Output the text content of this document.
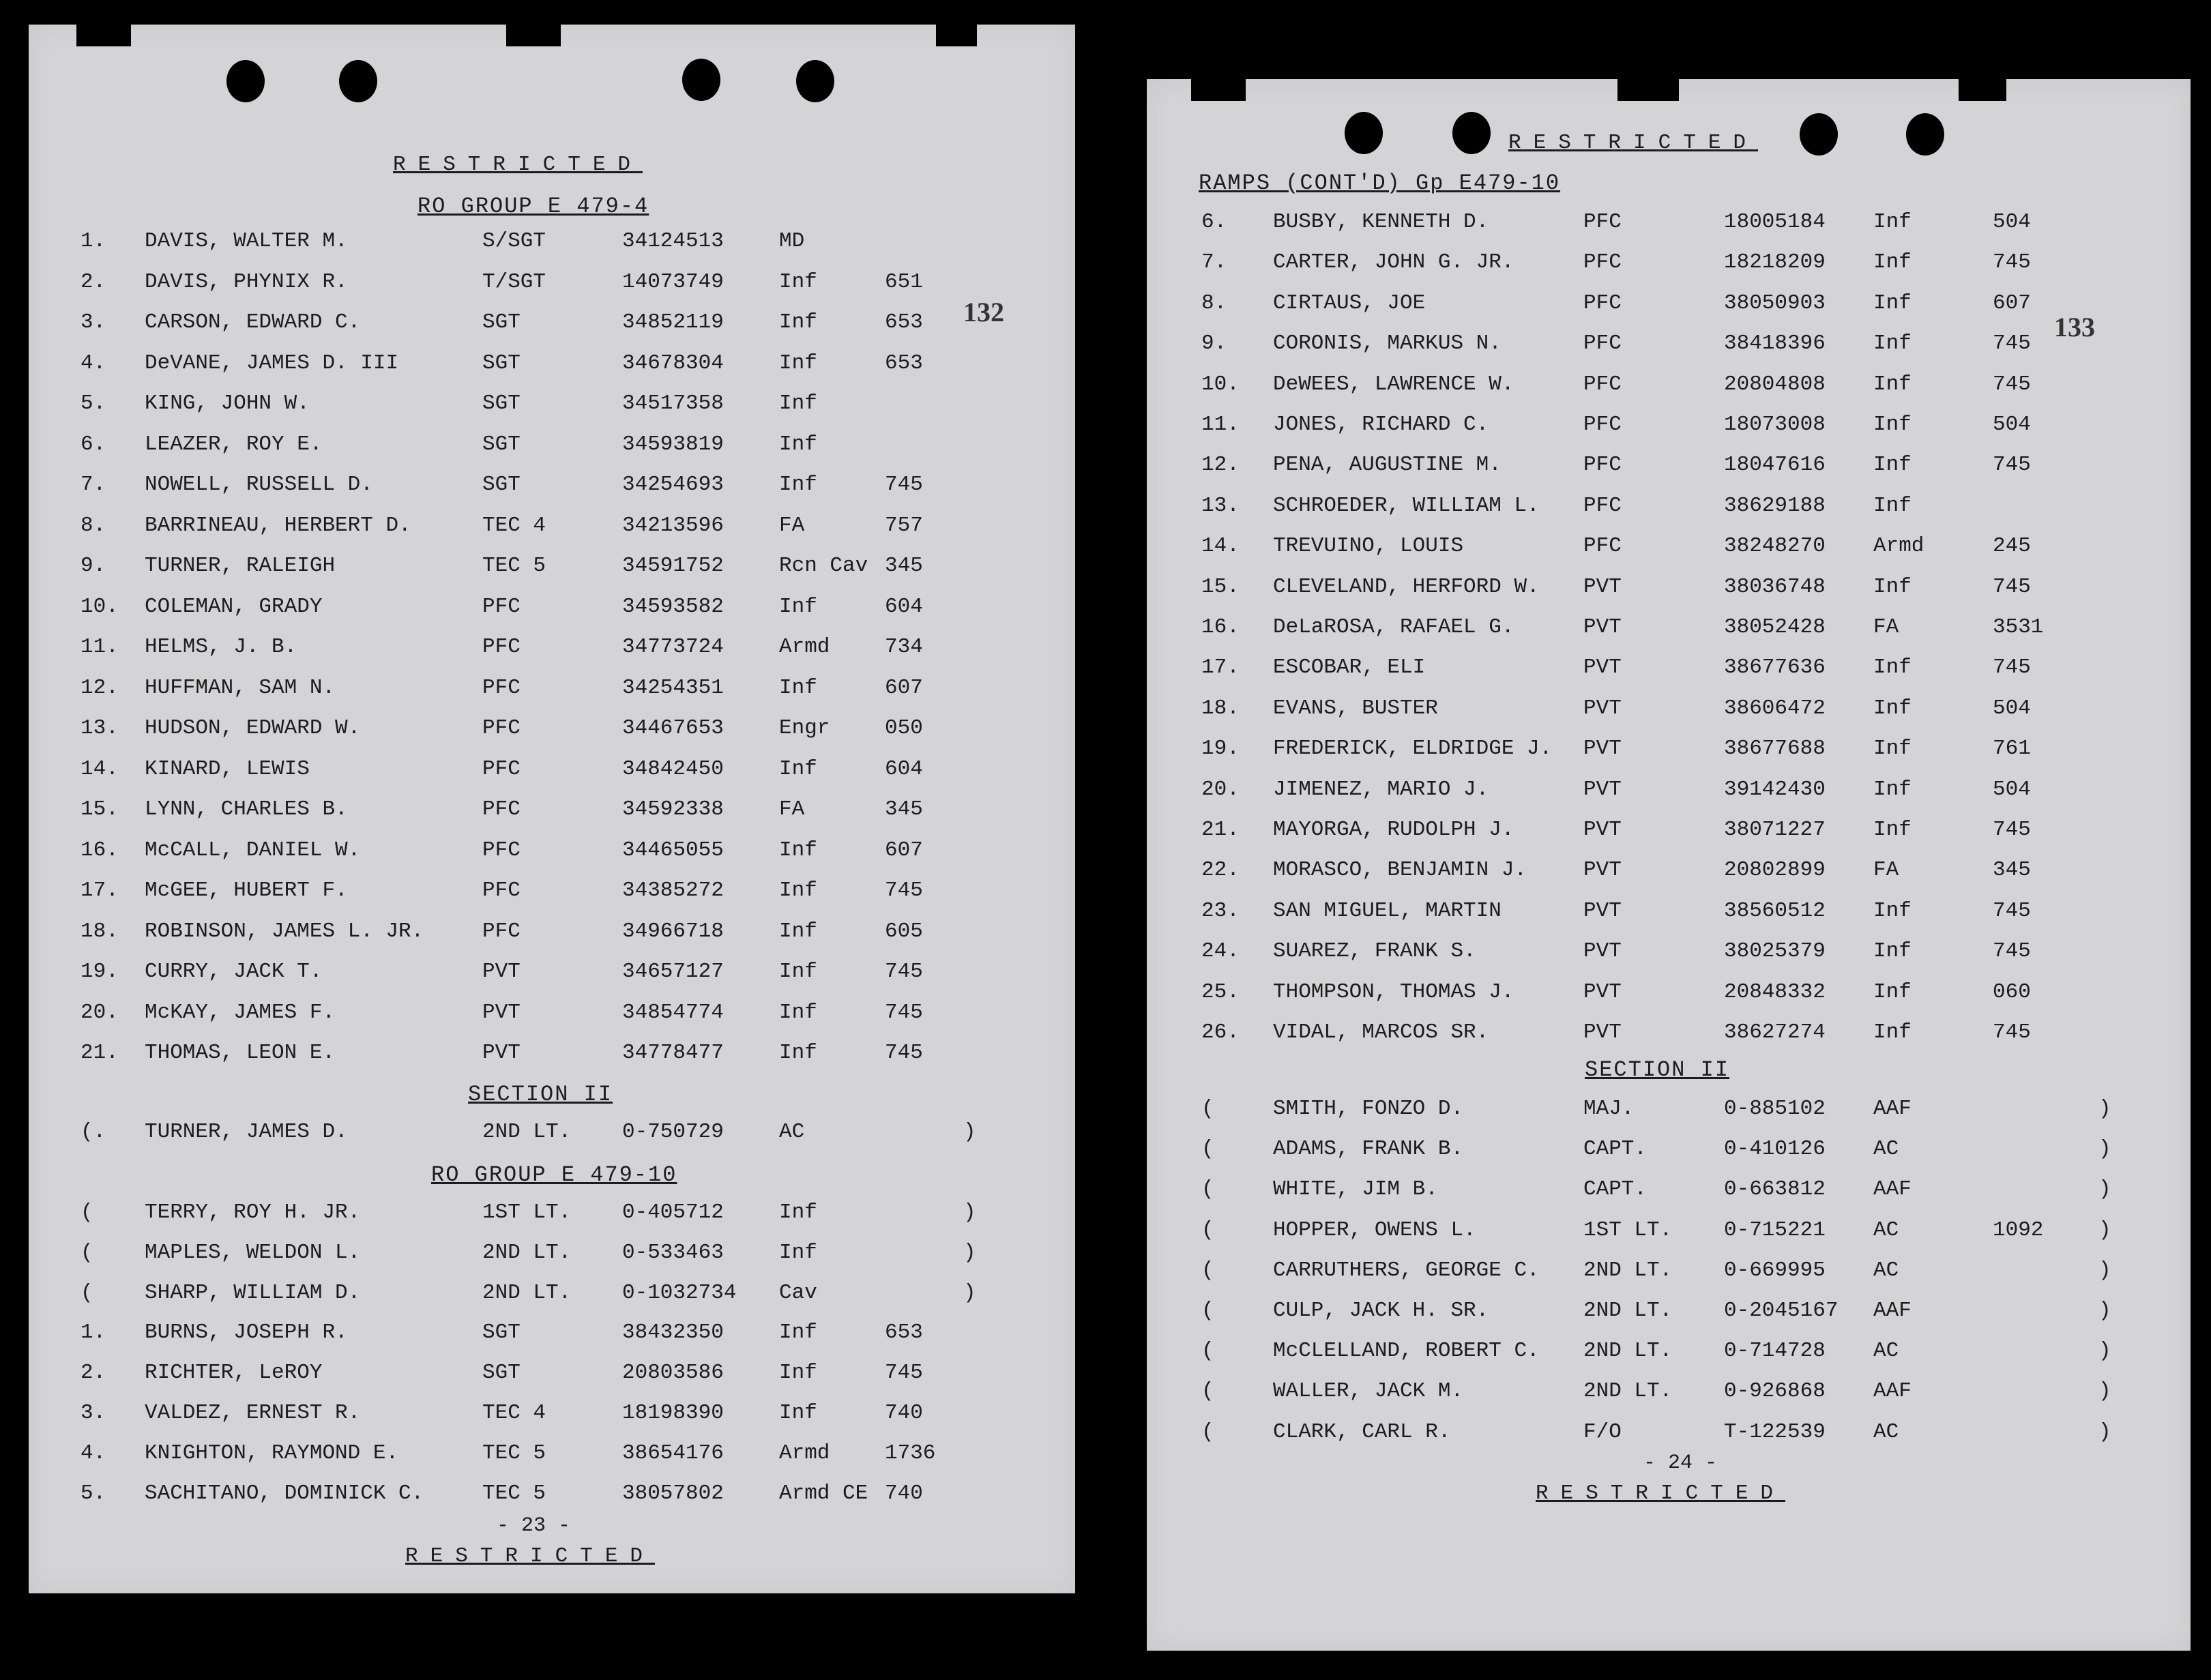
RESTRICTED
RO GROUP E 479-4
132
1. DAVIS, WALTER M.	S/SGT	34124513	MD
2. DAVIS, PHYNIX R.	T/SGT	14073749	Inf	651
3. CARSON, EDWARD C.	SGT	34852119	Inf	653
4. DeVANE, JAMES D. III	SGT	34678304	Inf	653
5. KING, JOHN W.	SGT	34517358	Inf
6. LEAZER, ROY E.	SGT	34593819	Inf
7. NOWELL, RUSSELL D.	SGT	34254693	Inf	745
8. BARRINEAU, HERBERT D.	TEC 4	34213596	FA	757
9. TURNER, RALEIGH	TEC 5	34591752	Rcn Cav 345
10. COLEMAN, GRADY	PFC	34593582	Inf	604
11. HELMS, J. B.	PFC	34773724	Armd	734
12. HUFFMAN, SAM N.	PFC	34254351	Inf	607
13. HUDSON, EDWARD W.	PFC	34467653	Engr	050
14. KINARD, LEWIS	PFC	34842450	Inf	604
15. LYNN, CHARLES B.	PFC	34592338	FA	345
16. McCALL, DANIEL W.	PFC	34465055	Inf	607
17. McGEE, HUBERT F.	PFC	34385272	Inf	745
18. ROBINSON, JAMES L. JR.	PFC	34966718	Inf	605
19. CURRY, JACK T.	PVT	34657127	Inf	745
20. McKAY, JAMES F.	PVT	34854774	Inf	745
21. THOMAS, LEON E.	PVT	34778477	Inf	745
SECTION II
(. TURNER, JAMES D.	2ND LT. 0-750729	AC	)
RO GROUP E 479-10
( TERRY, ROY H. JR.	1ST LT. 0-405712	Inf	)
( MAPLES, WELDON L.	2ND LT. 0-533463	Inf	)
( SHARP, WILLIAM D.	2ND LT. 0-1032734 Cav	)
1. BURNS, JOSEPH R.	SGT	38432350	Inf	653
2. RICHTER, LeROY	SGT	20803586	Inf	745
3. VALDEZ, ERNEST R.	TEC 4	18198390	Inf	740
4. KNIGHTON, RAYMOND E.	TEC 5	38654176	Armd	1736
5. SACHITANO, DOMINICK C.	TEC 5	38057802	Armd CE 740
- 23 -
RESTRICTED
RESTRICTED
RAMPS (CONT'D) Gp E479-10
133
6. BUSBY, KENNETH D.	PFC	18005184 Inf	504
7. CARTER, JOHN G. JR.	PFC	18218209 Inf	745
8. CIRTAUS, JOE	PFC	38050903 Inf	607
9. CORONIS, MARKUS N.	PFC	38418396 Inf	745
10. DeWEES, LAWRENCE W.	PFC	20804808 Inf	745
11. JONES, RICHARD C.	PFC	18073008 Inf	504
12. PENA, AUGUSTINE M.	PFC	18047616 Inf	745
13. SCHROEDER, WILLIAM L. PFC	38629188 Inf
14. TREVUINO, LOUIS	PFC	38248270 Armd	245
15. CLEVELAND, HERFORD W. PVT	38036748 Inf	745
16. DeLaROSA, RAFAEL G.	PVT	38052428 FA	3531
17. ESCOBAR, ELI	PVT	38677636 Inf	745
18. EVANS, BUSTER	PVT	38606472 Inf	504
19. FREDERICK, ELDRIDGE J. PVT	38677688 Inf	761
20. JIMENEZ, MARIO J.	PVT	39142430 Inf	504
21. MAYORGA, RUDOLPH J.	PVT	38071227 Inf	745
22. MORASCO, BENJAMIN J.	PVT	20802899 FA	345
23. SAN MIGUEL, MARTIN	PVT	38560512 Inf	745
24. SUAREZ, FRANK S.	PVT	38025379 Inf	745
25. THOMPSON, THOMAS J.	PVT	20848332 Inf	060
26. VIDAL, MARCOS SR.	PVT	38627274 Inf	745
SECTION II
(	SMITH, FONZO D.	MAJ.	0-885102 AAF	)
(	ADAMS, FRANK B.	CAPT.	0-410126 AC	)
(	WHITE, JIM B.	CAPT.	0-663812 AAF	)
(	HOPPER, OWENS L.	1ST LT. 0-715221 AC	1092	)
(	CARRUTHERS, GEORGE C. 2ND LT. 0-669995 AC	)
(	CULP, JACK H. SR.	2ND LT. 0-2045167 AAF	)
(	McCLELLAND, ROBERT C. 2ND LT. 0-714728 AC	)
(	WALLER, JACK M.	2ND LT. 0-926868 AAF	)
(	CLARK, CARL R.	F/O	T-122539 AC	)
- 24 -
RESTRICTED
